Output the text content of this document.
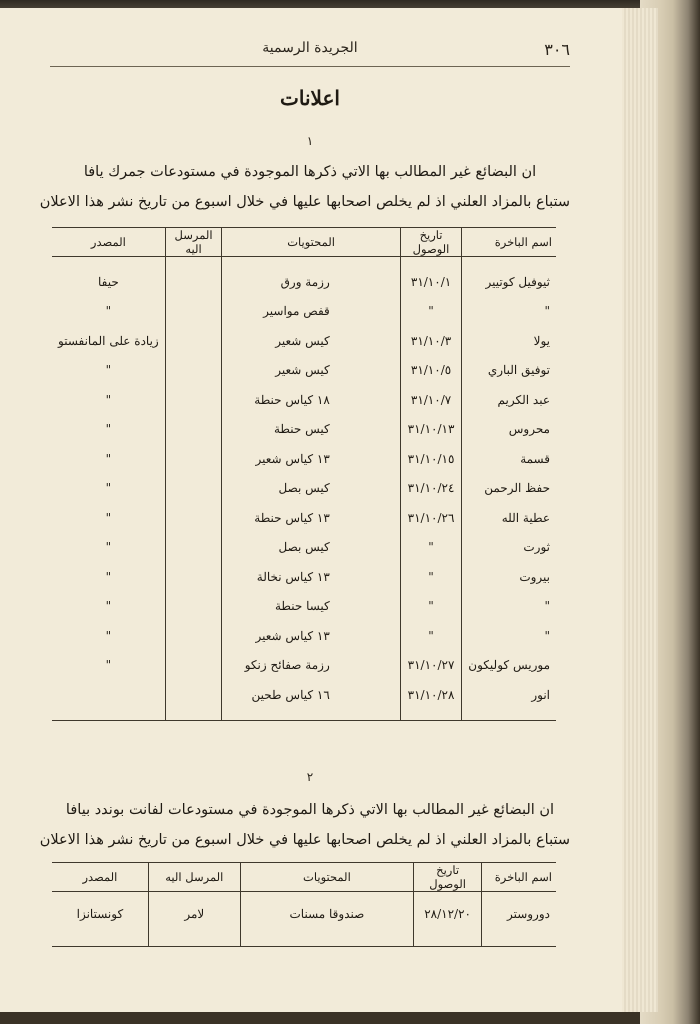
٣٠٦
الجريدة الرسمية
اعلانات
١
ان البضائع غير المطالب بها الاتي ذكرها الموجودة في مستودعات جمرك يافا
ستباع بالمزاد العلني اذ لم يخلص اصحابها عليها في خلال اسبوع من تاريخ نشر هذا الاعلان
اسم الباخرة	تاريخ الوصول	المحتويات	المرسل اليه	المصدر

ثيوفيل كوتيير	٣١/١٠/١	رزمة ورق		حيفا
"	"	قفص مواسير		"
يولا	٣١/١٠/٣	كيس شعير		زيادة على المانفستو
توفيق الباري	٣١/١٠/٥	كيس شعير		"
عبد الكريم	٣١/١٠/٧	١٨ كياس حنطة		"
محروس	٣١/١٠/١٣	كيس حنطة		"
قسمة	٣١/١٠/١٥	١٣ كياس شعير		"
حفظ الرحمن	٣١/١٠/٢٤	كيس بصل		"
عطية الله	٣١/١٠/٢٦	١٣ كياس حنطة		"
ثورت	"	كيس بصل		"
بيروت	"	١٣ كياس نخالة		"
"	"	كيسا حنطة		"
"	"	١٣ كياس شعير		"
موريس كوليكون	٣١/١٠/٢٧	رزمة صفائح زنكو		"
انور	٣١/١٠/٢٨	١٦ كياس طحين		
٢
ان البضائع غير المطالب بها الاتي ذكرها الموجودة في مستودعات لفانت بوندد بيافا
ستباع بالمزاد العلني اذ لم يخلص اصحابها عليها في خلال اسبوع من تاريخ نشر هذا الاعلان
اسم الباخرة	تاريخ الوصول	المحتويات	المرسل اليه	المصدر
دوروستر	٢٨/١٢/٢٠	صندوقا مسنات	لامر	كونستانزا
